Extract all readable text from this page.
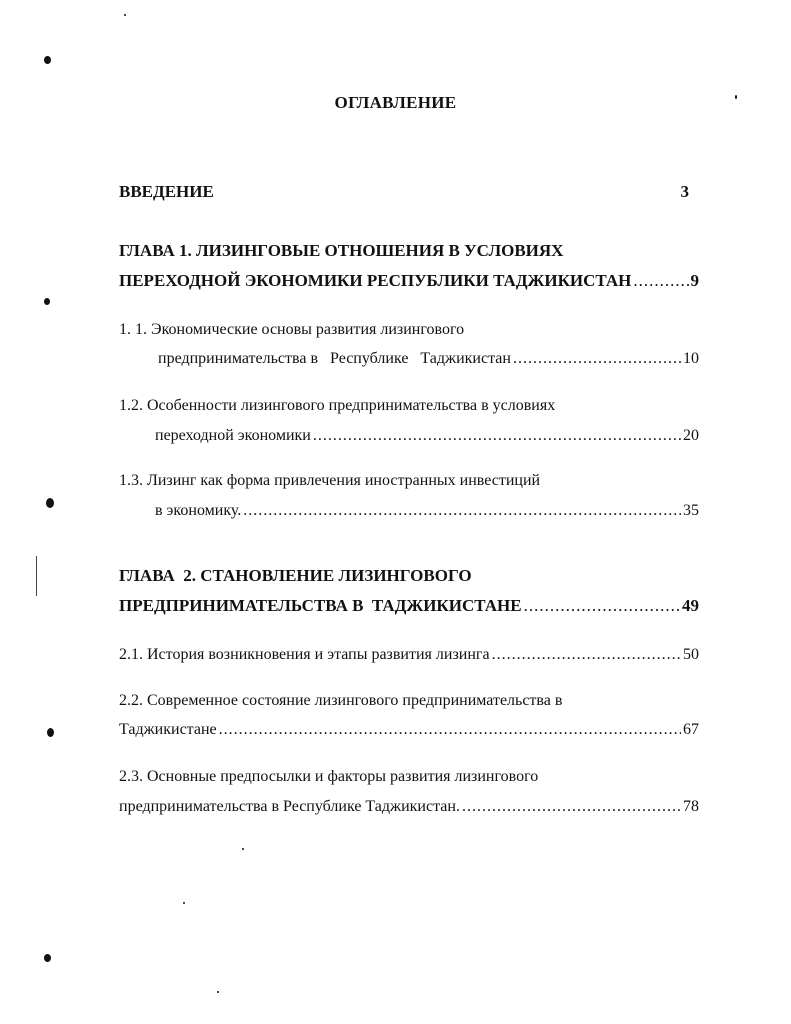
ОГЛАВЛЕНИЕ
ВВЕДЕНИЕ	3
ГЛАВА 1. ЛИЗИНГОВЫЕ ОТНОШЕНИЯ В УСЛОВИЯХ
ПЕРЕХОДНОЙ ЭКОНОМИКИ РЕСПУБЛИКИ ТАДЖИКИСТАН .....	9
1. 1. Экономические основы развития лизингового
предпринимательства в   Республике   Таджикистан .....	10
1.2. Особенности лизингового предпринимательства в условиях
переходной экономики .....	20
1.3. Лизинг как форма привлечения иностранных инвестиций
в экономику. .....	35
ГЛАВА  2. СТАНОВЛЕНИЕ ЛИЗИНГОВОГО
ПРЕДПРИНИМАТЕЛЬСТВА В  ТАДЖИКИСТАНЕ .....	49
2.1. История возникновения и этапы развития лизинга .....	50
2.2. Современное состояние лизингового предпринимательства в
Таджикистане .....	67
2.3. Основные предпосылки и факторы развития лизингового
предпринимательства в Республике Таджикистан. .....	78
